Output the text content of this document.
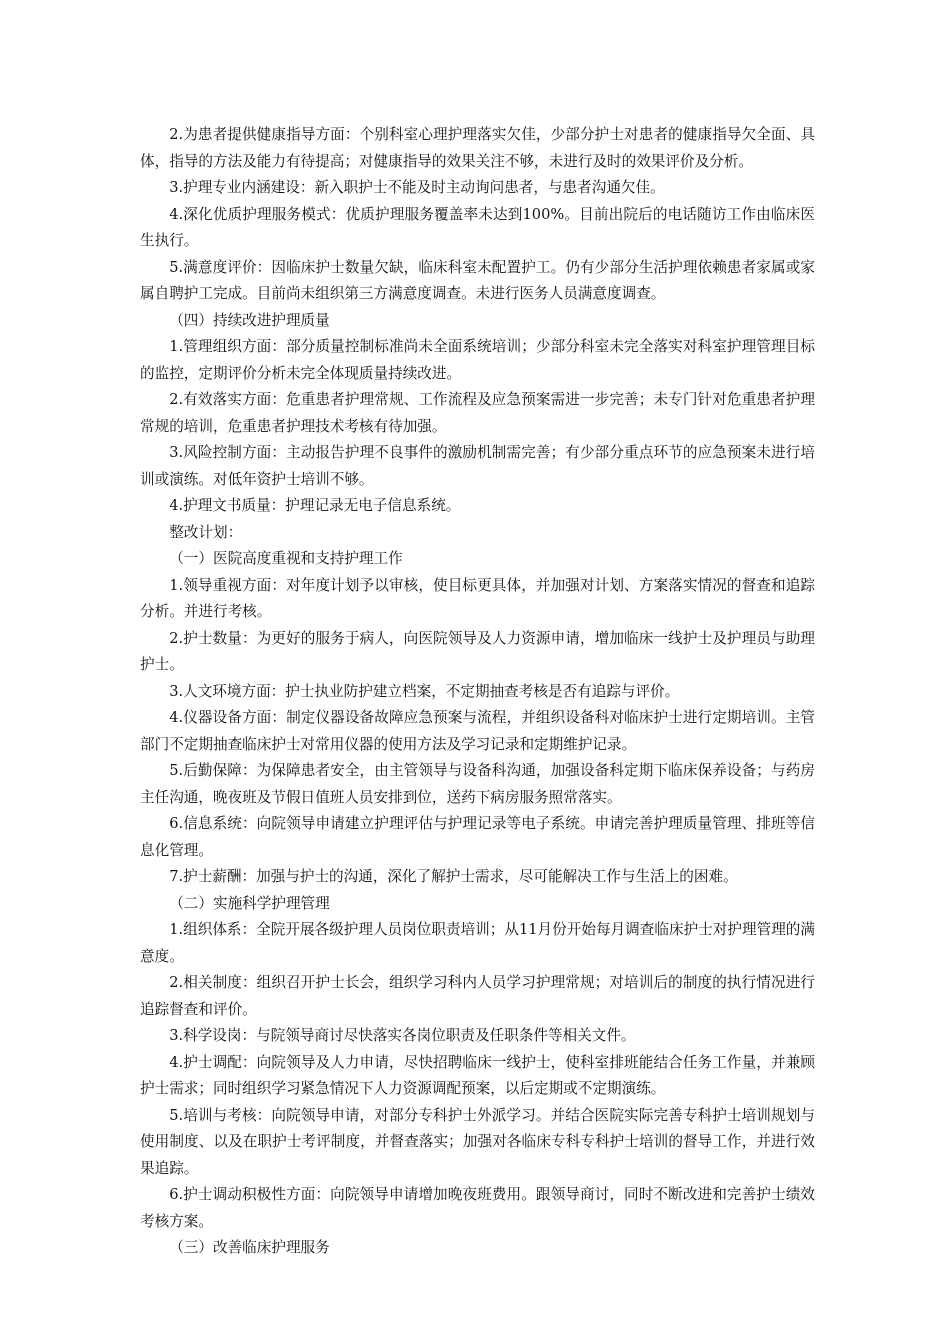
2.为患者提供健康指导方面：个别科室心理护理落实欠佳，少部分护士对患者的健康指导欠全面、具体，指导的方法及能力有待提高；对健康指导的效果关注不够，未进行及时的效果评价及分析。

3.护理专业内涵建设：新入职护士不能及时主动询问患者，与患者沟通欠佳。

4.深化优质护理服务模式：优质护理服务覆盖率未达到100%。目前出院后的电话随访工作由临床医生执行。

5.满意度评价：因临床护士数量欠缺，临床科室未配置护工。仍有少部分生活护理依赖患者家属或家属自聘护工完成。目前尚未组织第三方满意度调查。未进行医务人员满意度调查。

（四）持续改进护理质量

1.管理组织方面：部分质量控制标准尚未全面系统培训；少部分科室未完全落实对科室护理管理目标的监控，定期评价分析未完全体现质量持续改进。

2.有效落实方面：危重患者护理常规、工作流程及应急预案需进一步完善；未专门针对危重患者护理常规的培训，危重患者护理技术考核有待加强。

3.风险控制方面：主动报告护理不良事件的激励机制需完善；有少部分重点环节的应急预案未进行培训或演练。对低年资护士培训不够。

4.护理文书质量：护理记录无电子信息系统。

整改计划：

（一）医院高度重视和支持护理工作

1.领导重视方面：对年度计划予以审核，使目标更具体，并加强对计划、方案落实情况的督查和追踪分析。并进行考核。

2.护士数量：为更好的服务于病人，向医院领导及人力资源申请，增加临床一线护士及护理员与助理护士。

3.人文环境方面：护士执业防护建立档案，不定期抽查考核是否有追踪与评价。

4.仪器设备方面：制定仪器设备故障应急预案与流程，并组织设备科对临床护士进行定期培训。主管部门不定期抽查临床护士对常用仪器的使用方法及学习记录和定期维护记录。

5.后勤保障：为保障患者安全，由主管领导与设备科沟通，加强设备科定期下临床保养设备；与药房主任沟通，晚夜班及节假日值班人员安排到位，送药下病房服务照常落实。

6.信息系统：向院领导申请建立护理评估与护理记录等电子系统。申请完善护理质量管理、排班等信息化管理。

7.护士薪酬：加强与护士的沟通，深化了解护士需求，尽可能解决工作与生活上的困难。

（二）实施科学护理管理

1.组织体系：全院开展各级护理人员岗位职责培训；从11月份开始每月调查临床护士对护理管理的满意度。

2.相关制度：组织召开护士长会，组织学习科内人员学习护理常规；对培训后的制度的执行情况进行追踪督查和评价。

3.科学设岗：与院领导商讨尽快落实各岗位职责及任职条件等相关文件。

4.护士调配：向院领导及人力申请，尽快招聘临床一线护士，使科室排班能结合任务工作量，并兼顾护士需求；同时组织学习紧急情况下人力资源调配预案，以后定期或不定期演练。

5.培训与考核：向院领导申请，对部分专科护士外派学习。并结合医院实际完善专科护士培训规划与使用制度、以及在职护士考评制度，并督查落实；加强对各临床专科专科护士培训的督导工作，并进行效果追踪。

6.护士调动积极性方面：向院领导申请增加晚夜班费用。跟领导商讨，同时不断改进和完善护士绩效考核方案。

（三）改善临床护理服务
